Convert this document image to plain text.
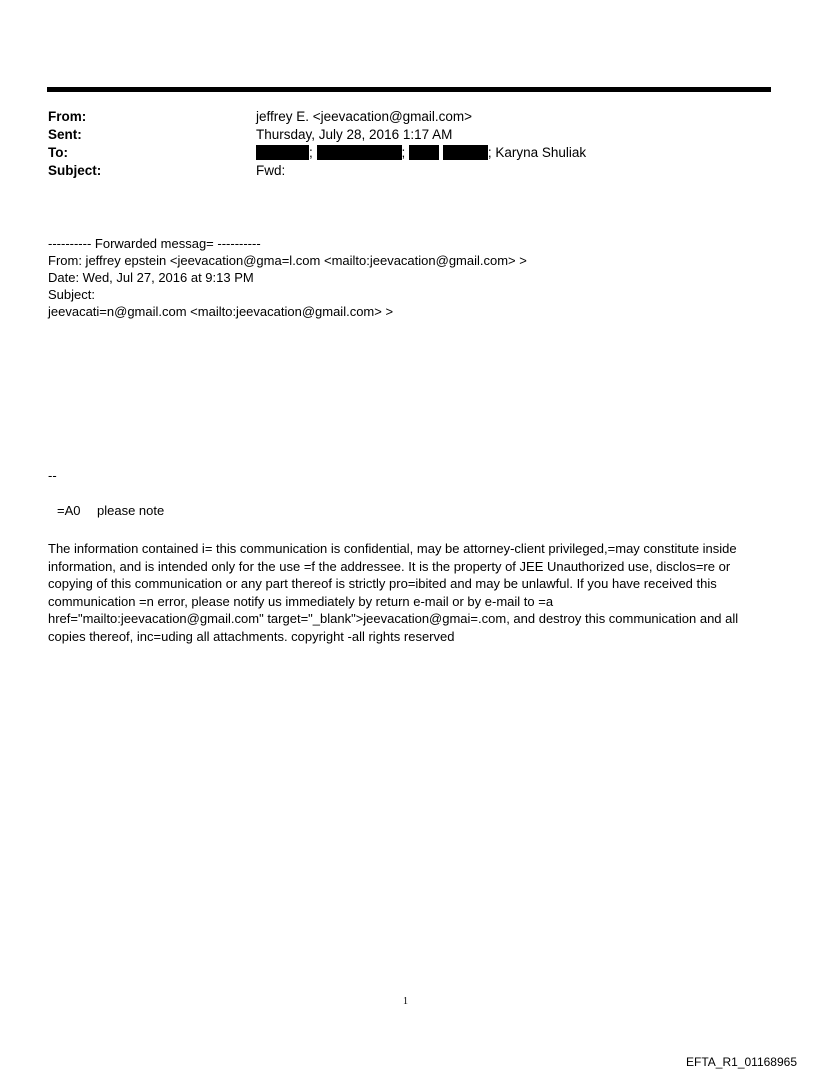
From:	jeffrey E. <jeevacation@gmail.com>
Sent:	Thursday, July 28, 2016 1:17 AM
To:	;	;	; Karyna Shuliak
Subject:	Fwd:
---------- Forwarded messag= ----------
From: jeffrey epstein <jeevacation@gma=l.com <mailto:jeevacation@gmail.com> >
Date: Wed, Jul 27, 2016 at 9:13 PM
Subject:
jeevacati=n@gmail.com <mailto:jeevacation@gmail.com> >
--
=A0 please note
The information contained i= this communication is confidential, may be attorney-client privileged,=may constitute inside information, and is intended only for the use =f the addressee. It is the property of JEE Unauthorized use, disclos=re or copying of this communication or any part thereof is strictly pro=ibited and may be unlawful. If you have received this communication =n error, please notify us immediately by return e-mail or by e-mail to =a href="mailto:jeevacation@gmail.com" target="_blank">jeevacation@gmai=.com, and destroy this communication and all copies thereof, inc=uding all attachments. copyright -all rights reserved
1
EFTA_R1_01168965
